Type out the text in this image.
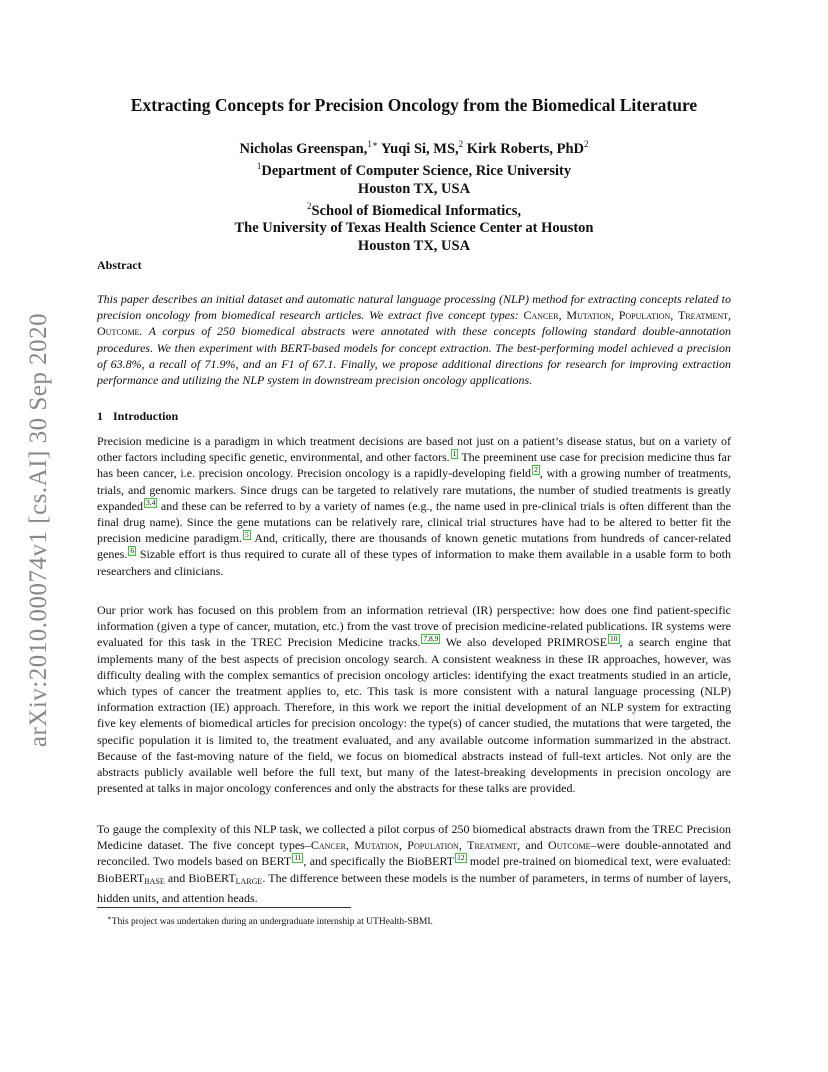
arXiv:2010.00074v1 [cs.AI] 30 Sep 2020
Extracting Concepts for Precision Oncology from the Biomedical Literature
Nicholas Greenspan,$^{1∗}$ Yuqi Si, MS,$^2$ Kirk Roberts, PhD$^2$
$^1$Department of Computer Science, Rice University
Houston TX, USA
$^2$School of Biomedical Informatics,
The University of Texas Health Science Center at Houston
Houston TX, USA
Abstract

This paper describes an initial dataset and automatic natural language processing (NLP) method for extracting concepts related to precision oncology from biomedical research articles. We extract five concept types: Cancer, Mutation, Population, Treatment, Outcome. A corpus of 250 biomedical abstracts were annotated with these concepts following standard double-annotation procedures. We then experiment with BERT-based models for concept extraction. The best-performing model achieved a precision of 63.8%, a recall of 71.9%, and an F1 of 67.1. Finally, we propose additional directions for research for improving extraction performance and utilizing the NLP system in downstream precision oncology applications.

1 Introduction

Precision medicine is a paradigm in which treatment decisions are based not just on a patient’s disease status, but on a variety of other factors including specific genetic, environmental, and other factors. 1 The preeminent use case for precision medicine thus far has been cancer, i.e. precision oncology. Precision oncology is a rapidly-developing field 2 , with a growing number of treatments, trials, and genomic markers. Since drugs can be targeted to relatively rare mutations, the number of studied treatments is greatly expanded 3,4 and these can be referred to by a variety of names (e.g., the name used in pre-clinical trials is often different than the final drug name). Since the gene mutations can be relatively rare, clinical trial structures have had to be altered to better fit the precision medicine paradigm. 5 And, critically, there are thousands of known genetic mutations from hundreds of cancer-related genes. 6 Sizable effort is thus required to curate all of these types of information to make them available in a usable form to both researchers and clinicians.

Our prior work has focused on this problem from an information retrieval (IR) perspective: how does one find patient-specific information (given a type of cancer, mutation, etc.) from the vast trove of precision medicine-related publications. IR systems were evaluated for this task in the TREC Precision Medicine tracks. 7,8,9 We also developed PRIMROSE 10 , a search engine that implements many of the best aspects of precision oncology search. A consistent weakness in these IR approaches, however, was difficulty dealing with the complex semantics of precision oncology articles: identifying the exact treatments studied in an article, which types of cancer the treatment applies to, etc. This task is more consistent with a natural language processing (NLP) information extraction (IE) approach. Therefore, in this work we report the initial development of an NLP system for extracting five key elements of biomedical articles for precision oncology: the type(s) of cancer studied, the mutations that were targeted, the specific population it is limited to, the treatment evaluated, and any available outcome information summarized in the abstract. Because of the fast-moving nature of the field, we focus on biomedical abstracts instead of full-text articles. Not only are the abstracts publicly available well before the full text, but many of the latest-breaking developments in precision oncology are presented at talks in major oncology conferences and only the abstracts for these talks are provided.

To gauge the complexity of this NLP task, we collected a pilot corpus of 250 biomedical abstracts drawn from the TREC Precision Medicine dataset. The five concept types–Cancer, Mutation, Population, Treatment, and Outcome–were double-annotated and reconciled. Two models based on BERT 11 , and specifically the BioBERT 12 model pre-trained on biomedical text, were evaluated: BioBERT$_{BASE}$ and BioBERT$_{LARGE}$. The difference between these models is the number of parameters, in terms of number of layers, hidden units, and attention heads.

∗This project was undertaken during an undergraduate internship at UTHealth-SBMI.
